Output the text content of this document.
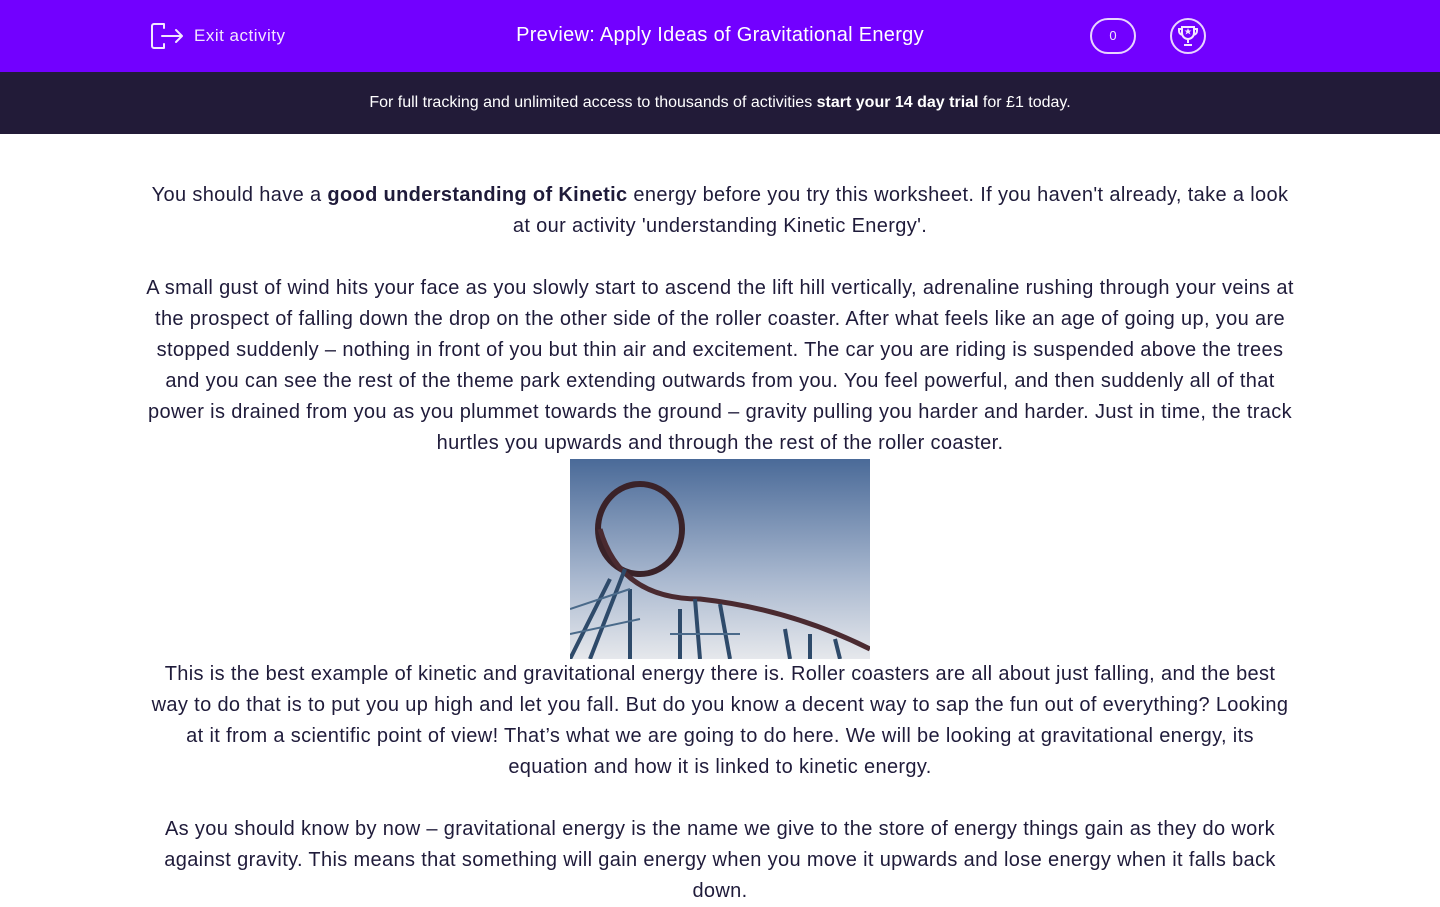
Exit activity	Preview: Apply Ideas of Gravitational Energy	0
For full tracking and unlimited access to thousands of activities start your 14 day trial for £1 today.

You should have a good understanding of Kinetic energy before you try this worksheet. If you haven't already, take a look at our activity 'understanding Kinetic Energy'.

A small gust of wind hits your face as you slowly start to ascend the lift hill vertically, adrenaline rushing through your veins at the prospect of falling down the drop on the other side of the roller coaster. After what feels like an age of going up, you are stopped suddenly – nothing in front of you but thin air and excitement. The car you are riding is suspended above the trees and you can see the rest of the theme park extending outwards from you. You feel powerful, and then suddenly all of that power is drained from you as you plummet towards the ground – gravity pulling you harder and harder. Just in time, the track hurtles you upwards and through the rest of the roller coaster.

This is the best example of kinetic and gravitational energy there is. Roller coasters are all about just falling, and the best way to do that is to put you up high and let you fall. But do you know a decent way to sap the fun out of everything? Looking at it from a scientific point of view! That’s what we are going to do here. We will be looking at gravitational energy, its equation and how it is linked to kinetic energy.

As you should know by now – gravitational energy is the name we give to the store of energy things gain as they do work against gravity. This means that something will gain energy when you move it upwards and lose energy when it falls back down.
